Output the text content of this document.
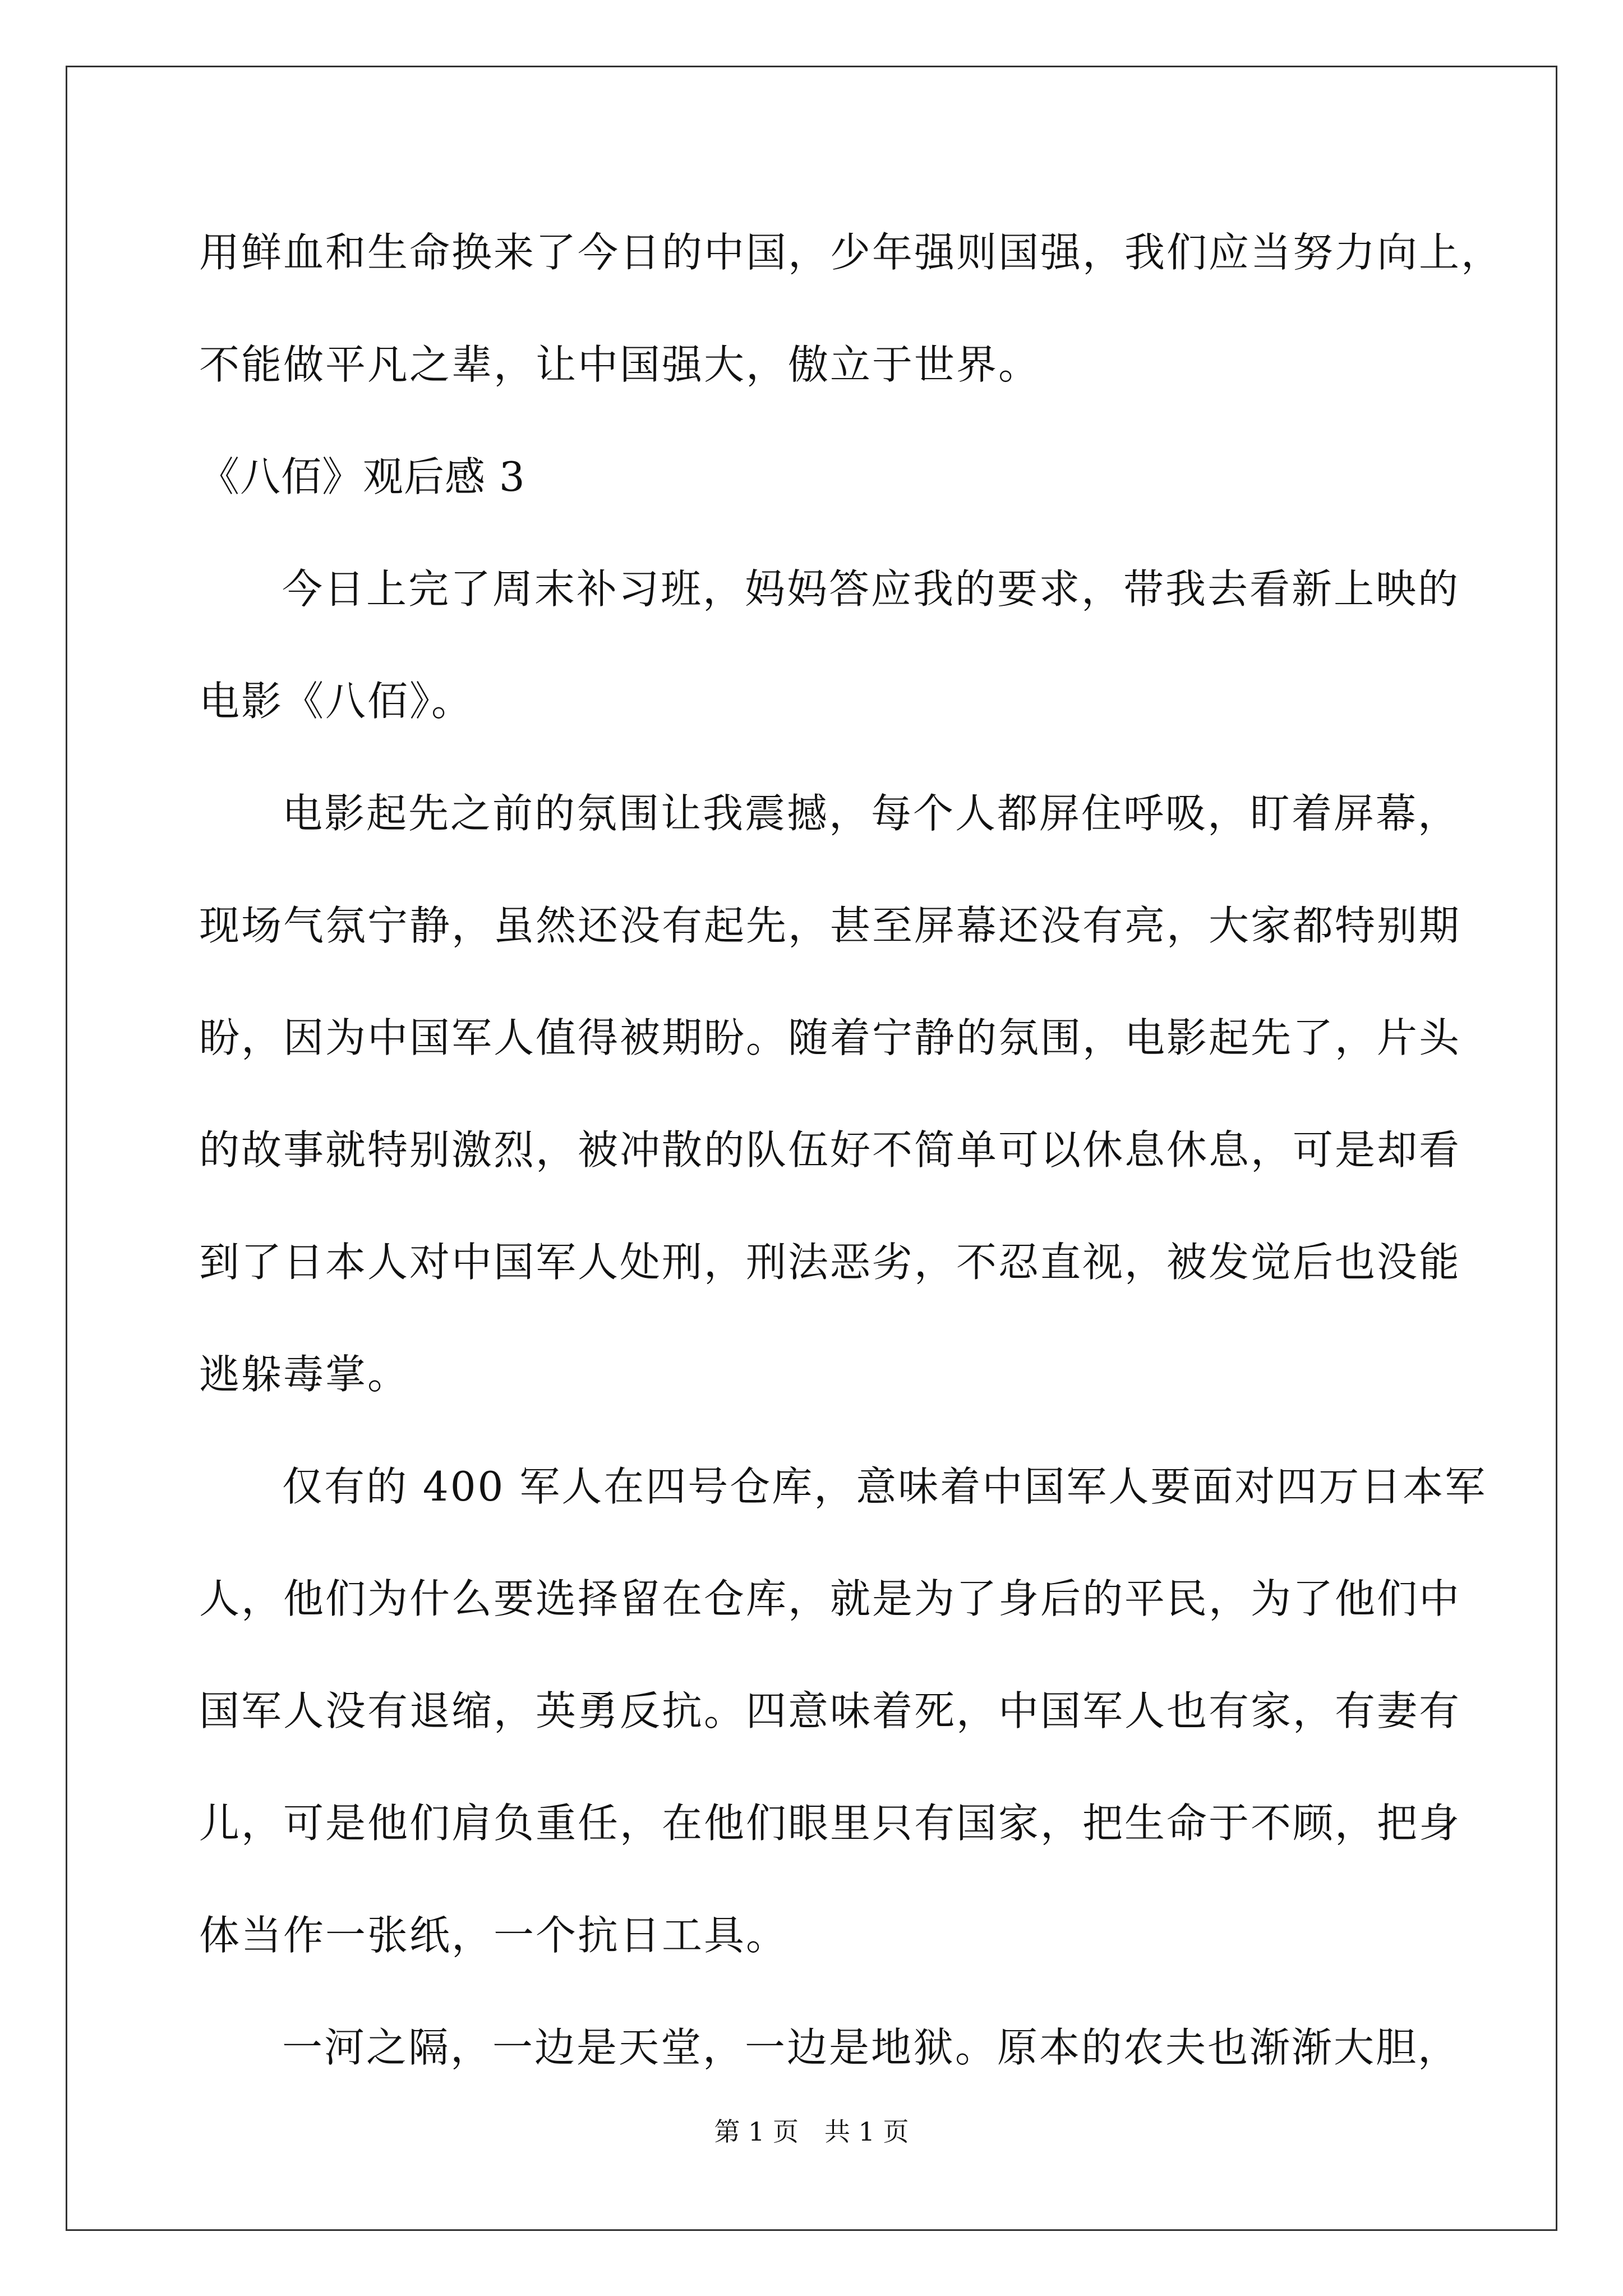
用鲜血和生命换来了今日的中国，少年强则国强，我们应当努力向上，
不能做平凡之辈，让中国强大，傲立于世界。
《八佰》观后感 3
今日上完了周末补习班，妈妈答应我的要求，带我去看新上映的
电影《八佰》。
电影起先之前的氛围让我震撼，每个人都屏住呼吸，盯着屏幕，
现场气氛宁静，虽然还没有起先，甚至屏幕还没有亮，大家都特别期
盼，因为中国军人值得被期盼。随着宁静的氛围，电影起先了，片头
的故事就特别激烈，被冲散的队伍好不简单可以休息休息，可是却看
到了日本人对中国军人处刑，刑法恶劣，不忍直视，被发觉后也没能
逃躲毒掌。
仅有的 400 军人在四号仓库，意味着中国军人要面对四万日本军
人，他们为什么要选择留在仓库，就是为了身后的平民，为了他们中
国军人没有退缩，英勇反抗。四意味着死，中国军人也有家，有妻有
儿，可是他们肩负重任，在他们眼里只有国家，把生命于不顾，把身
体当作一张纸，一个抗日工具。
一河之隔，一边是天堂，一边是地狱。原本的农夫也渐渐大胆，
第 1 页　共 1 页
